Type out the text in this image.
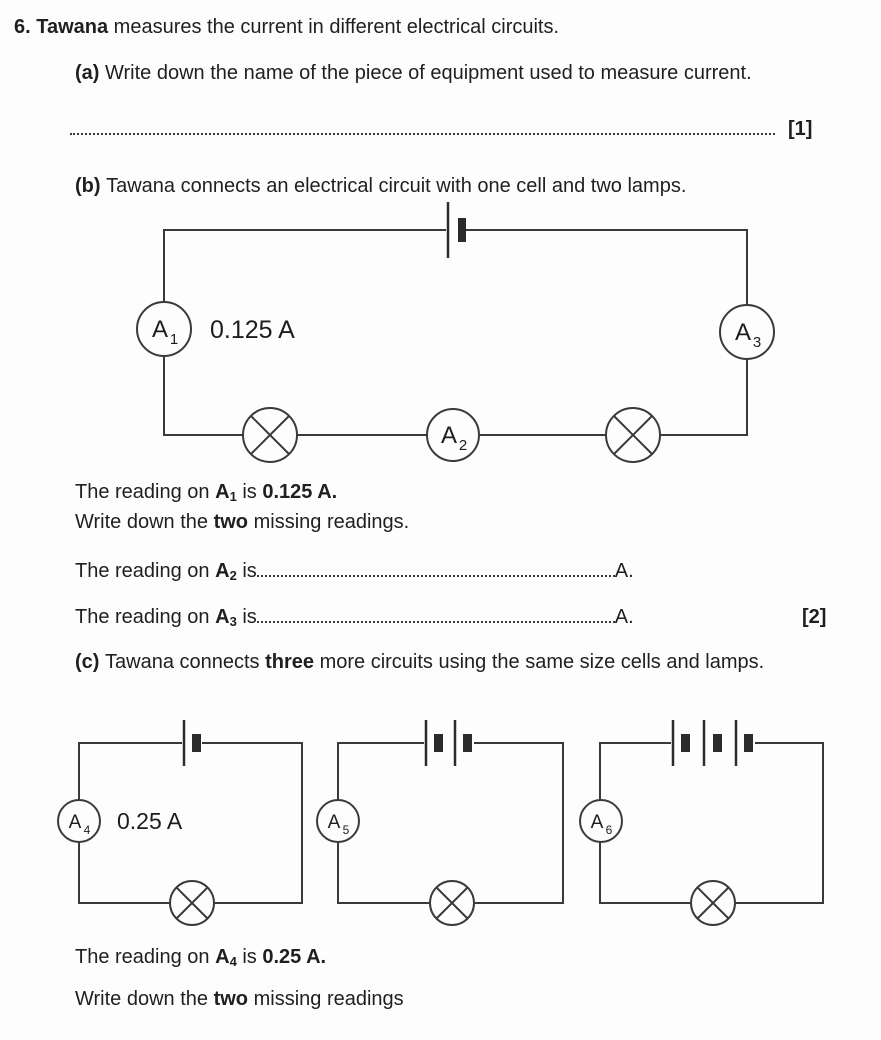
6. Tawana measures the current in different electrical circuits.
(a) Write down the name of the piece of equipment used to measure current.
[1]
(b) Tawana connects an electrical circuit with one cell and two lamps.
A 1 0.125 A	A 3
A 2
The reading on $A_1$ is 0.125 A.
Write down the two missing readings.
The reading on $A_2$ is	A.
The reading on $A_3$ is	A.	[2]
(c) Tawana connects three more circuits using the same size cells and lamps.
A 4 0.25 A	A 5	A 6
The reading on $A_4$ is 0.25 A.
Write down the two missing readings
